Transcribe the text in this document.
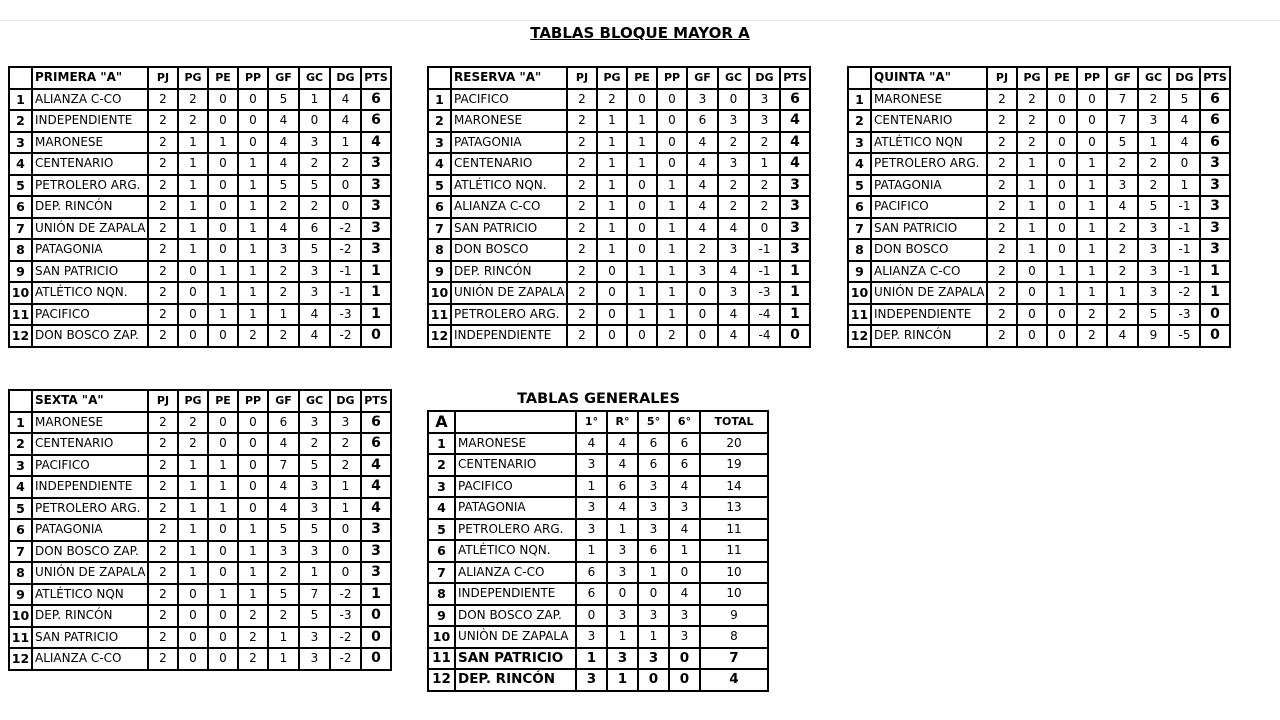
TABLAS BLOQUE MAYOR A
	PRIMERA "A"	PJ	PG	PE	PP	GF	GC	DG	PTS
1	ALIANZA C-CO	2	2	0	0	5	1	4	6
2	INDEPENDIENTE	2	2	0	0	4	0	4	6
3	MARONESE	2	1	1	0	4	3	1	4
4	CENTENARIO	2	1	0	1	4	2	2	3
5	PETROLERO ARG.	2	1	0	1	5	5	0	3
6	DEP. RINCÓN	2	1	0	1	2	2	0	3
7	UNIÓN DE ZAPALA	2	1	0	1	4	6	-2	3
8	PATAGONIA	2	1	0	1	3	5	-2	3
9	SAN PATRICIO	2	0	1	1	2	3	-1	1
10	ATLÉTICO NQN.	2	0	1	1	2	3	-1	1
11	PACIFICO	2	0	1	1	1	4	-3	1
12	DON BOSCO ZAP.	2	0	0	2	2	4	-2	0
	RESERVA "A"	PJ	PG	PE	PP	GF	GC	DG	PTS
1	PACIFICO	2	2	0	0	3	0	3	6
2	MARONESE	2	1	1	0	6	3	3	4
3	PATAGONIA	2	1	1	0	4	2	2	4
4	CENTENARIO	2	1	1	0	4	3	1	4
5	ATLÉTICO NQN.	2	1	0	1	4	2	2	3
6	ALIANZA C-CO	2	1	0	1	4	2	2	3
7	SAN PATRICIO	2	1	0	1	4	4	0	3
8	DON BOSCO	2	1	0	1	2	3	-1	3
9	DEP. RINCÓN	2	0	1	1	3	4	-1	1
10	UNIÓN DE ZAPALA	2	0	1	1	0	3	-3	1
11	PETROLERO ARG.	2	0	1	1	0	4	-4	1
12	INDEPENDIENTE	2	0	0	2	0	4	-4	0
	QUINTA "A"	PJ	PG	PE	PP	GF	GC	DG	PTS
1	MARONESE	2	2	0	0	7	2	5	6
2	CENTENARIO	2	2	0	0	7	3	4	6
3	ATLÉTICO NQN	2	2	0	0	5	1	4	6
4	PETROLERO ARG.	2	1	0	1	2	2	0	3
5	PATAGONIA	2	1	0	1	3	2	1	3
6	PACIFICO	2	1	0	1	4	5	-1	3
7	SAN PATRICIO	2	1	0	1	2	3	-1	3
8	DON BOSCO	2	1	0	1	2	3	-1	3
9	ALIANZA C-CO	2	0	1	1	2	3	-1	1
10	UNIÓN DE ZAPALA	2	0	1	1	1	3	-2	1
11	INDEPENDIENTE	2	0	0	2	2	5	-3	0
12	DEP. RINCÓN	2	0	0	2	4	9	-5	0
	SEXTA "A"	PJ	PG	PE	PP	GF	GC	DG	PTS
1	MARONESE	2	2	0	0	6	3	3	6
2	CENTENARIO	2	2	0	0	4	2	2	6
3	PACIFICO	2	1	1	0	7	5	2	4
4	INDEPENDIENTE	2	1	1	0	4	3	1	4
5	PETROLERO ARG.	2	1	1	0	4	3	1	4
6	PATAGONIA	2	1	0	1	5	5	0	3
7	DON BOSCO ZAP.	2	1	0	1	3	3	0	3
8	UNIÓN DE ZAPALA	2	1	0	1	2	1	0	3
9	ATLÉTICO NQN	2	0	1	1	5	7	-2	1
10	DEP. RINCÓN	2	0	0	2	2	5	-3	0
11	SAN PATRICIO	2	0	0	2	1	3	-2	0
12	ALIANZA C-CO	2	0	0	2	1	3	-2	0
TABLAS GENERALES
A		1°	R°	5°	6°	TOTAL
1	MARONESE	4	4	6	6	20
2	CENTENARIO	3	4	6	6	19
3	PACIFICO	1	6	3	4	14
4	PATAGONIA	3	4	3	3	13
5	PETROLERO ARG.	3	1	3	4	11
6	ATLÉTICO NQN.	1	3	6	1	11
7	ALIANZA C-CO	6	3	1	0	10
8	INDEPENDIENTE	6	0	0	4	10
9	DON BOSCO ZAP.	0	3	3	3	9
10	UNIÒN DE ZAPALA	3	1	1	3	8
11	SAN PATRICIO	1	3	3	0	7
12	DEP. RINCÓN	3	1	0	0	4
